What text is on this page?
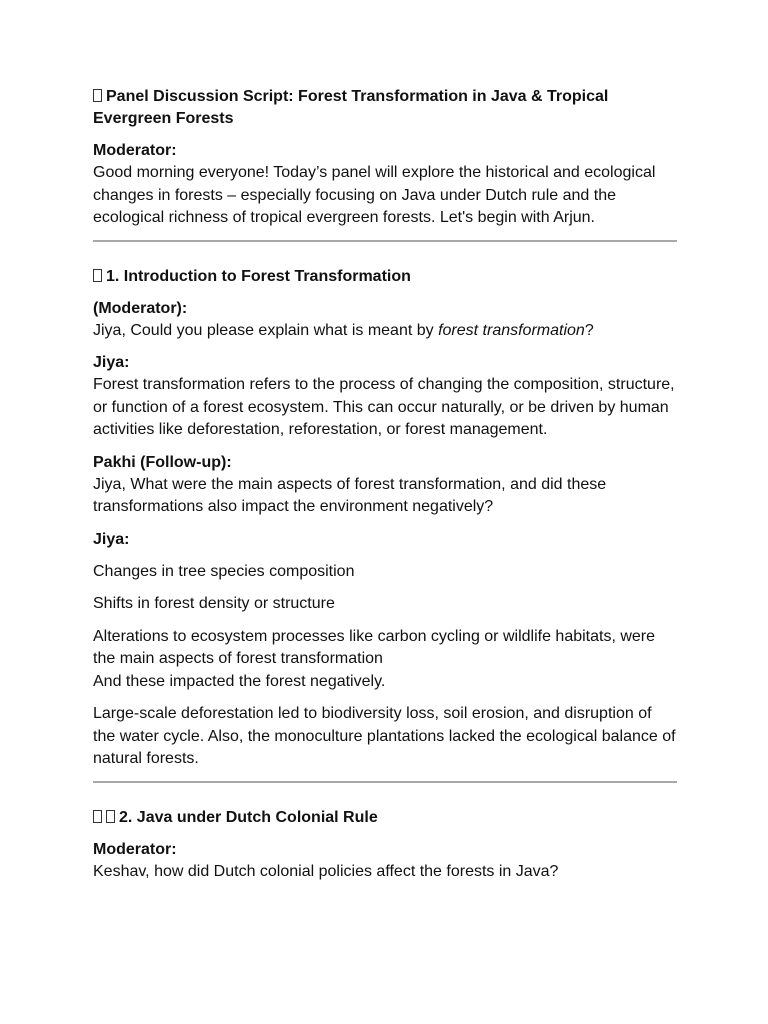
Panel Discussion Script: Forest Transformation in Java & Tropical Evergreen Forests
Moderator:
Good morning everyone! Today’s panel will explore the historical and ecological changes in forests – especially focusing on Java under Dutch rule and the ecological richness of tropical evergreen forests. Let's begin with Arjun.
1. Introduction to Forest Transformation
(Moderator):
Jiya, Could you please explain what is meant by forest transformation?
Jiya:
Forest transformation refers to the process of changing the composition, structure, or function of a forest ecosystem. This can occur naturally, or be driven by human activities like deforestation, reforestation, or forest management.
Pakhi (Follow-up):
Jiya, What were the main aspects of forest transformation, and did these transformations also impact the environment negatively?
Jiya:
Changes in tree species composition
Shifts in forest density or structure
Alterations to ecosystem processes like carbon cycling or wildlife habitats, were the main aspects of forest transformation
And these impacted the forest negatively.
Large-scale deforestation led to biodiversity loss, soil erosion, and disruption of the water cycle. Also, the monoculture plantations lacked the ecological balance of natural forests.
2. Java under Dutch Colonial Rule
Moderator:
Keshav, how did Dutch colonial policies affect the forests in Java?
